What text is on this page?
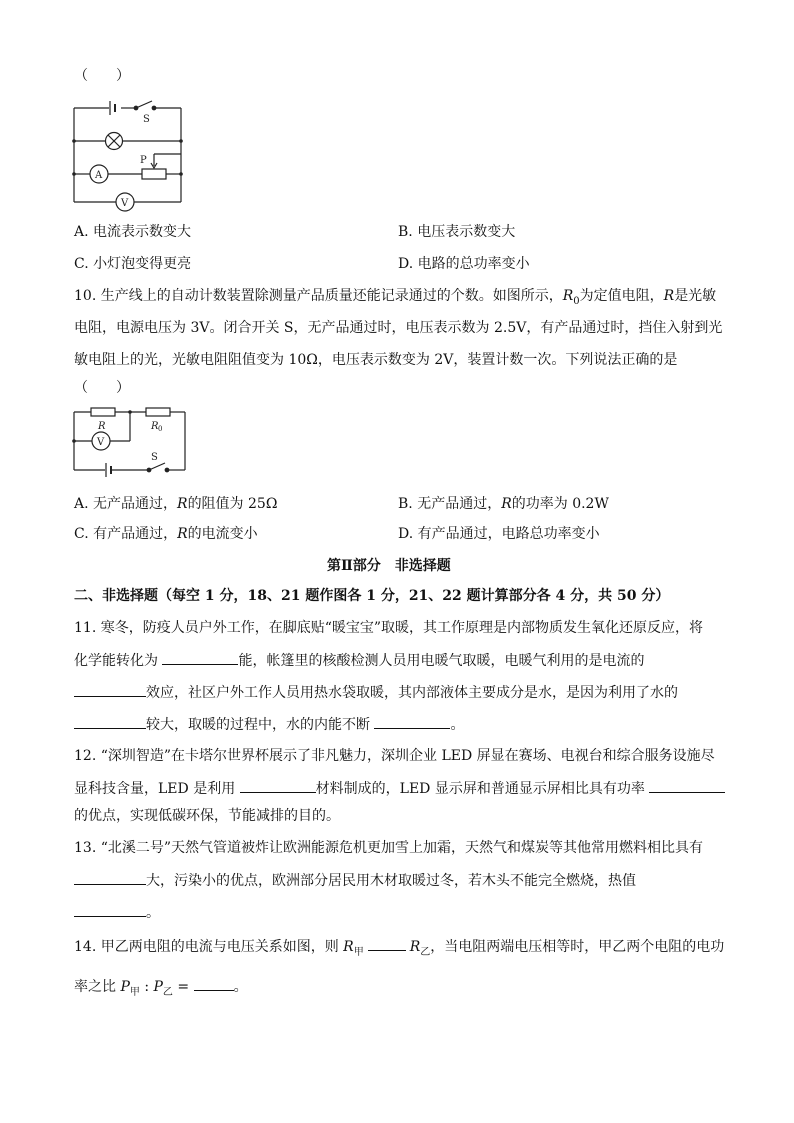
（　　）
S
P
A
V
A. 电流表示数变大	B. 电压表示数变大
C. 小灯泡变得更亮	D. 电路的总功率变小
10. 生产线上的自动计数装置除测量产品质量还能记录通过的个数。如图所示，$R_0$为定值电阻，R是光敏
电阻，电源电压为 3V。闭合开关 S，无产品通过时，电压表示数为 2.5V，有产品通过时，挡住入射到光
敏电阻上的光，光敏电阻阻值变为 10Ω，电压表示数变为 2V，装置计数一次。下列说法正确的是
（　　）
R	R 0
V
S
A. 无产品通过，R的阻值为 25Ω	B. 无产品通过，R的功率为 0.2W
C. 有产品通过，R的电流变小	D. 有产品通过，电路总功率变小
第Ⅱ部分　非选择题
二、非选择题（每空 1 分，18、21 题作图各 1 分，21、22 题计算部分各 4 分，共 50 分）
11. 寒冬，防疫人员户外工作，在脚底贴“暖宝宝”取暖，其工作原理是内部物质发生氧化还原反应，将
化学能转化为	能，帐篷里的核酸检测人员用电暖气取暖，电暖气利用的是电流的
效应，社区户外工作人员用热水袋取暖，其内部液体主要成分是水，是因为利用了水的
较大，取暖的过程中，水的内能不断	。
12. “深圳智造”在卡塔尔世界杯展示了非凡魅力，深圳企业 LED 屏显在赛场、电视台和综合服务设施尽
显科技含量，LED 是利用	材料制成的，LED 显示屏和普通显示屏相比具有功率
的优点，实现低碳环保，节能减排的目的。
13. “北溪二号”天然气管道被炸让欧洲能源危机更加雪上加霜，天然气和煤炭等其他常用燃料相比具有
大，污染小的优点，欧洲部分居民用木材取暖过冬，若木头不能完全燃烧，热值
。
14. 甲乙两电阻的电流与电压关系如图，则 $R_甲$	$R_乙$，当电阻两端电压相等时，甲乙两个电阻的电功
率之比 $P_甲$ : $P_乙$ =	。
